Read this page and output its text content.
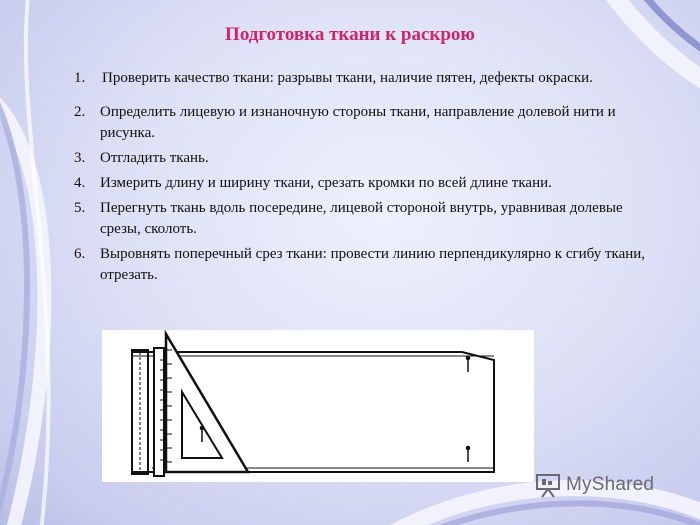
Подготовка ткани к раскрою
1. Проверить качество ткани: разрывы ткани, наличие пятен, дефекты окраски.
2. Определить лицевую и изнаночную стороны ткани, направление долевой нити и рисунка.
3. Отгладить ткань.
4. Измерить длину и ширину ткани, срезать кромки по всей длине ткани.
5. Перегнуть ткань вдоль посередине, лицевой стороной внутрь, уравнивая долевые срезы, сколоть.
6. Выровнять поперечный срез ткани: провести линию перпендикулярно к сгибу ткани, отрезать.
MyShared
